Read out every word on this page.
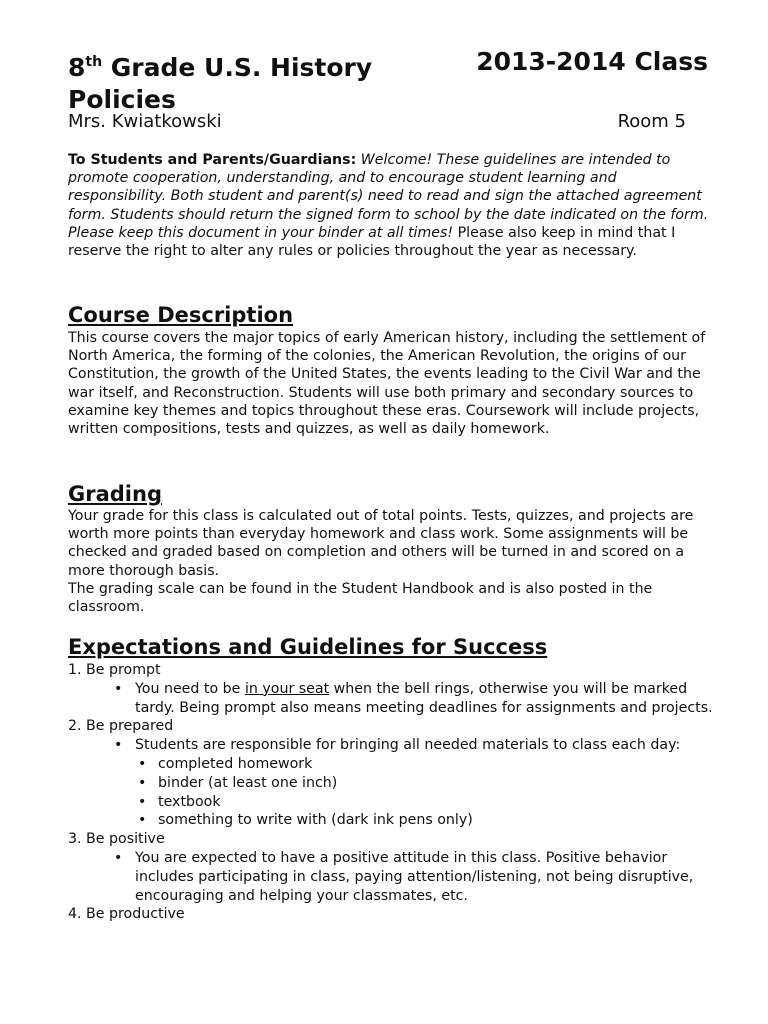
8th Grade U.S. History
Policies
2013-2014 Class
Mrs. Kwiatkowski	Room 5
To Students and Parents/Guardians: Welcome! These guidelines are intended to promote cooperation, understanding, and to encourage student learning and responsibility. Both student and parent(s) need to read and sign the attached agreement form. Students should return the signed form to school by the date indicated on the form. Please keep this document in your binder at all times! Please also keep in mind that I reserve the right to alter any rules or policies throughout the year as necessary.
Course Description
This course covers the major topics of early American history, including the settlement of North America, the forming of the colonies, the American Revolution, the origins of our Constitution, the growth of the United States, the events leading to the Civil War and the war itself, and Reconstruction. Students will use both primary and secondary sources to examine key themes and topics throughout these eras. Coursework will include projects, written compositions, tests and quizzes, as well as daily homework.
Grading
Your grade for this class is calculated out of total points. Tests, quizzes, and projects are worth more points than everyday homework and class work. Some assignments will be checked and graded based on completion and others will be turned in and scored on a more thorough basis.
The grading scale can be found in the Student Handbook and is also posted in the classroom.
Expectations and Guidelines for Success
1. Be prompt
• You need to be in your seat when the bell rings, otherwise you will be marked tardy. Being prompt also means meeting deadlines for assignments and projects.
2. Be prepared
• Students are responsible for bringing all needed materials to class each day:
• completed homework
• binder (at least one inch)
• textbook
• something to write with (dark ink pens only)
3. Be positive
• You are expected to have a positive attitude in this class. Positive behavior includes participating in class, paying attention/listening, not being disruptive, encouraging and helping your classmates, etc.
4. Be productive
